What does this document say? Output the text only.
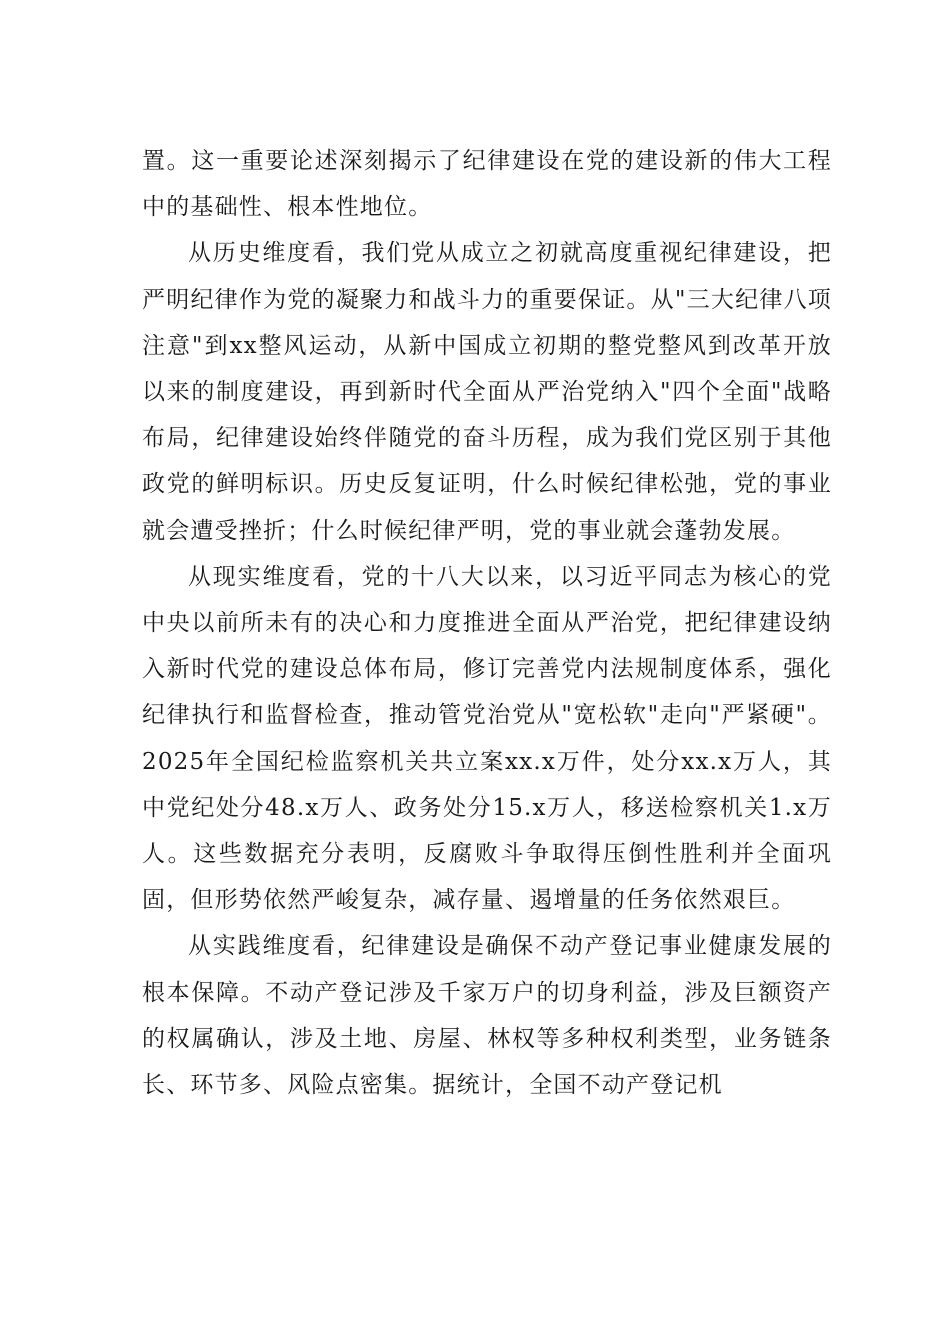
置。这一重要论述深刻揭示了纪律建设在党的建设新的伟大工程中的基础性、根本性地位。

从历史维度看，我们党从成立之初就高度重视纪律建设，把严明纪律作为党的凝聚力和战斗力的重要保证。从"三大纪律八项注意"到xx整风运动，从新中国成立初期的整党整风到改革开放以来的制度建设，再到新时代全面从严治党纳入"四个全面"战略布局，纪律建设始终伴随党的奋斗历程，成为我们党区别于其他政党的鲜明标识。历史反复证明，什么时候纪律松弛，党的事业就会遭受挫折；什么时候纪律严明，党的事业就会蓬勃发展。

从现实维度看，党的十八大以来，以习近平同志为核心的党中央以前所未有的决心和力度推进全面从严治党，把纪律建设纳入新时代党的建设总体布局，修订完善党内法规制度体系，强化纪律执行和监督检查，推动管党治党从"宽松软"走向"严紧硬"。2025年全国纪检监察机关共立案xx.x万件，处分xx.x万人，其中党纪处分48.x万人、政务处分15.x万人，移送检察机关1.x万人。这些数据充分表明，反腐败斗争取得压倒性胜利并全面巩固，但形势依然严峻复杂，减存量、遏增量的任务依然艰巨。

从实践维度看，纪律建设是确保不动产登记事业健康发展的根本保障。不动产登记涉及千家万户的切身利益，涉及巨额资产的权属确认，涉及土地、房屋、林权等多种权利类型，业务链条长、环节多、风险点密集。据统计，全国不动产登记机
